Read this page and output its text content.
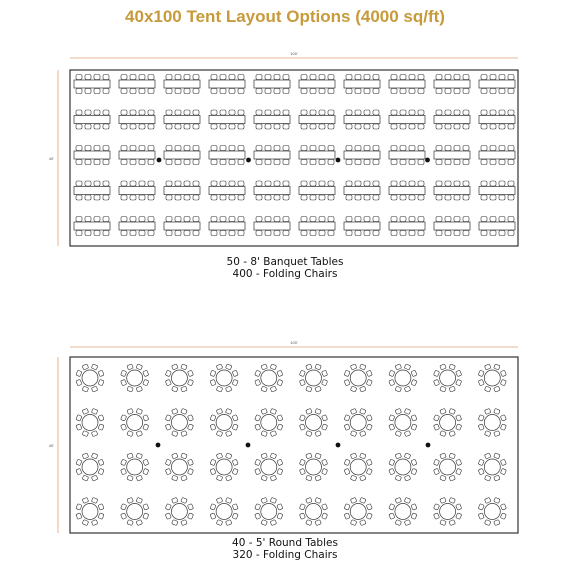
40x100 Tent Layout Options (4000 sq/ft)
100'
40'
100'
40'
50 - 8' Banquet Tables
400 - Folding Chairs
40 - 5' Round Tables
320 - Folding Chairs
